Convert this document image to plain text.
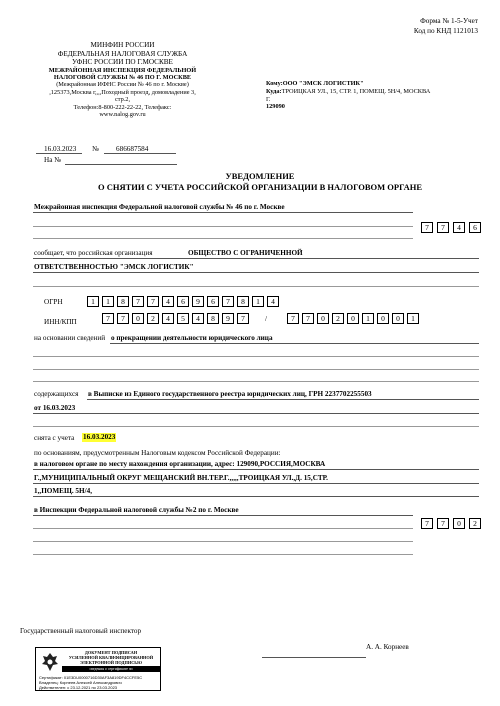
Форма № 1-5-Учет
Код по КНД 1121013
МИНФИН РОССИИ
ФЕДЕРАЛЬНАЯ НАЛОГОВАЯ СЛУЖБА
УФНС РОССИИ ПО Г.МОСКВЕ
МЕЖРАЙОННАЯ ИНСПЕКЦИЯ ФЕДЕРАЛЬНОЙ
НАЛОГОВОЙ СЛУЖБЫ № 46 ПО Г. МОСКВЕ
(Межрайонная ИФНС России № 46 по г. Москве)
,125373,Москва г,,,,Походный проезд, домовладение 3,
стр.2,
Телефон:8-800-222-22-22, Телефакс:
www.nalog.gov.ru
Кому:ООО "ЭМСК ЛОГИСТИК"
Куда:ТРОИЦКАЯ УЛ., 15, СТР. 1, ПОМЕЩ. 5Н/4, МОСКВА
Г.
129090
16.03.2023 № 686687584
На №
УВЕДОМЛЕНИЕ
О СНЯТИИ С УЧЕТА РОССИЙСКОЙ ОРГАНИЗАЦИИ В НАЛОГОВОМ ОРГАНЕ
Межрайонная инспекция Федеральной налоговой службы № 46 по г. Москве
7	7	4	6
сообщает, что российская организация	ОБЩЕСТВО С ОГРАНИЧЕННОЙ
ОТВЕТСТВЕННОСТЬЮ "ЭМСК ЛОГИСТИК"
ОГРН	1	1	8	7	7	4	6	9	6	7	8	1	4
ИНН/КПП	7	7	0	2	4	5	4	8	9	7	/	7	7	0	2	0	1	0	0	1
на основании сведений о прекращении деятельности юридического лица
содержащихся в Выписке из Единого государственного реестра юридических лиц, ГРН 2237702255503
от 16.03.2023
снята с учета 16.03.2023
по основаниям, предусмотренным Налоговым кодексом Российской Федерации:
в налоговом органе по месту нахождения организации, адрес: 129090,РОССИЯ,МОСКВА
Г.,МУНИЦИПАЛЬНЫЙ ОКРУГ МЕЩАНСКИЙ ВН.ТЕР.Г.,,,,,ТРОИЦКАЯ УЛ.,Д. 15,СТР.
1,,ПОМЕЩ. 5Н/4,
в Инспекции Федеральной налоговой службы №2 по г. Москве
7	7	0	2
Государственный налоговый инспектор
А. А. Корнеев
ДОКУМЕНТ ПОДПИСАН
УСИЛЕННОЙ КВАЛИФИЦИРОВАННОЙ
ЭЛЕКТРОННОЙ ПОДПИСЬЮ
сведения о сертификате эп
Сертификат: 01E3DU0000716D30AF3A819DF4CCFE5C
Владелец: Корнеев Алексей Александрович
Действителен: с 23.12.2021 по 23.03.2023
